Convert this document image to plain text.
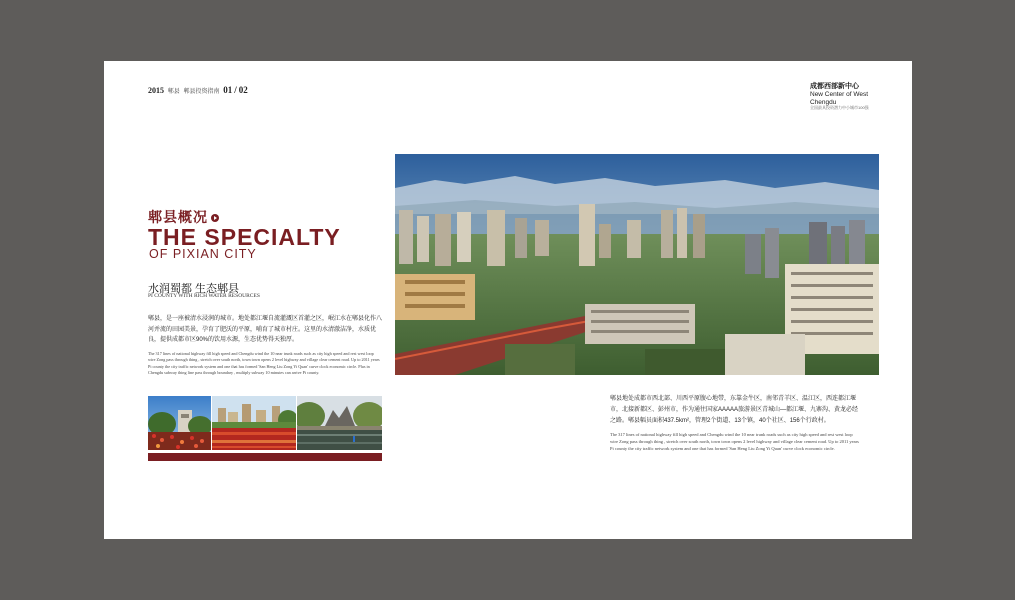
2015 郫县 郫县投资指南 01 / 02	成都西部新中心
New Center of West Chengdu
全国最具投资潜力中小城市100强
郫县概况
THE SPECIALTY
OF PIXIAN CITY
水润蜀都 生态郫县
PI COUNTY WITH RICH WATER RESOURCES

郫县，是一座被清水浸润的城市。地处都江堰自流灌溉区首灌之区，岷江水在郫县化作八河并流的田园美景，孕育了肥沃的平原，哺育了城市村庄。这里的水清澈洁净，水质优良，提供成都市区90%的饮用水源，生态优势得天独厚。

The 317 lines of national highway fill high speed and Chengdu wind the 10 near trunk roads such as city high speed and rest west loop wire Zong pass through thing , stretch over south north, town town opens 2 level highway and village clear cement road. Up to 2011 years Pi county the city traffic network system and one that has formed 'San Heng Liu Zong Yi Quan' curve clock economic circle. Plus in Chengdu subway thing line pass through boundary , multiply subway 10 minutes can arrive Pi county.

郫县地处成都市西北部、川西平原腹心地带，东靠金牛区，南邻青羊区、温江区，西连都江堰市，北接新都区、彭州市，作为通往国家AAAAA旅游景区青城山—都江堰、九寨沟、黄龙必经之路。郫县幅员面积437.5km²，管理2个街道、13个镇，40个社区、156个行政村。

The 317 lines of national highway fill high speed and Chengdu wind the 10 near trunk roads such as city high speed and rest west loop wire Zong pass through thing , stretch over south north, town town opens 2 level highway and village clear cement road. Up to 2011 years Pi county the city traffic network system and one that has formed 'San Heng Liu Zong Yi Quan' curve clock economic circle.
